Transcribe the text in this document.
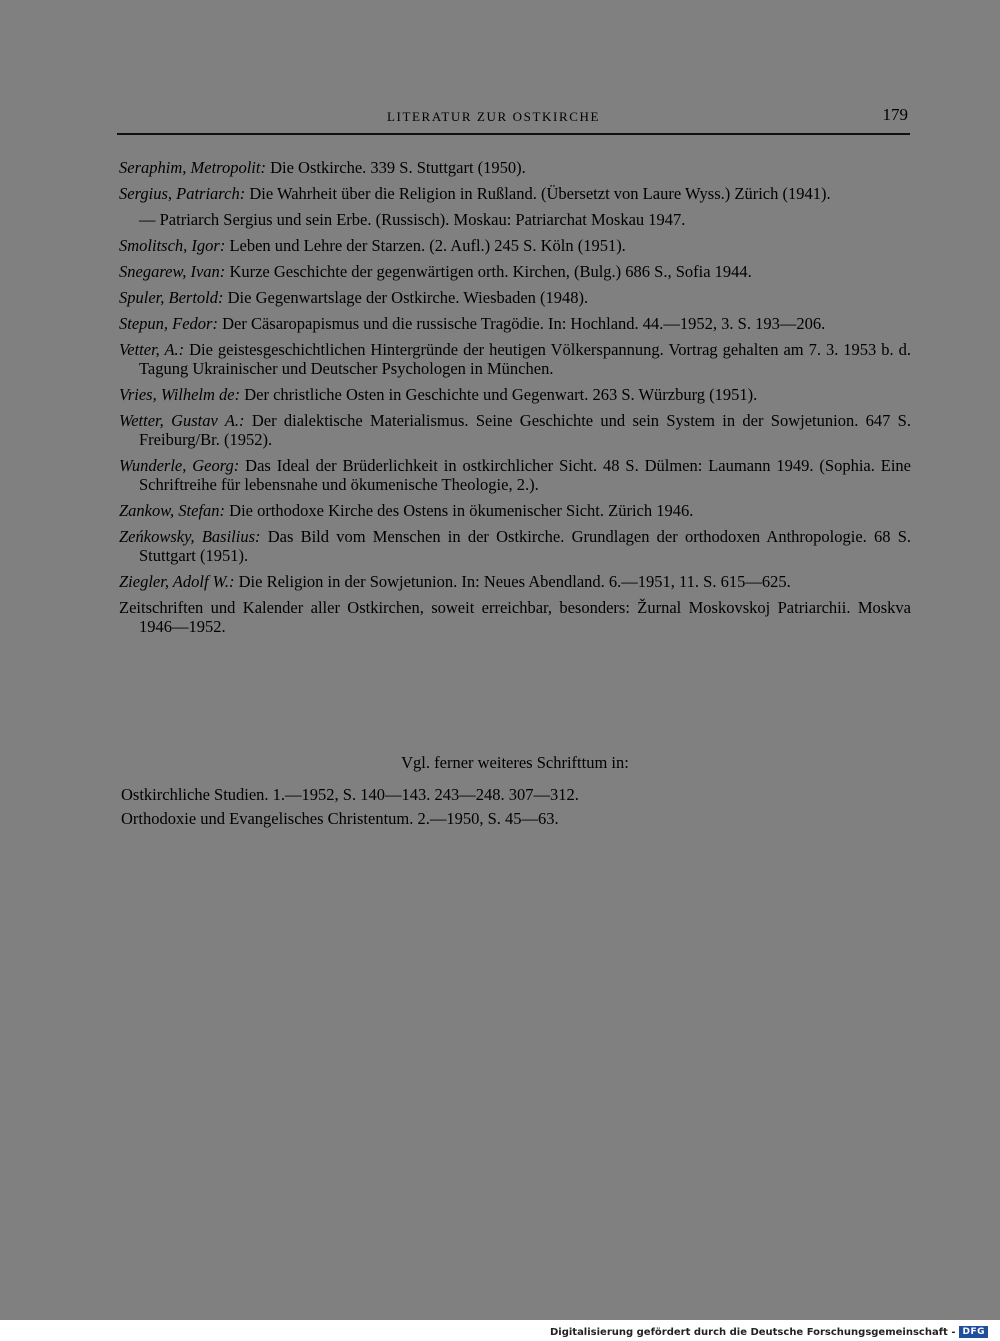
LITERATUR ZUR OSTKIRCHE	179

Seraphim, Metropolit: Die Ostkirche. 339 S. Stuttgart (1950).

Sergius, Patriarch: Die Wahrheit über die Religion in Rußland. (Übersetzt von Laure Wyss.) Zürich (1941).

— Patriarch Sergius und sein Erbe. (Russisch). Moskau: Patriarchat Moskau 1947.

Smolitsch, Igor: Leben und Lehre der Starzen. (2. Aufl.) 245 S. Köln (1951).

Snegarew, Ivan: Kurze Geschichte der gegenwärtigen orth. Kirchen, (Bulg.) 686 S., Sofia 1944.

Spuler, Bertold: Die Gegenwartslage der Ostkirche. Wiesbaden (1948).

Stepun, Fedor: Der Cäsaropapismus und die russische Tragödie. In: Hochland. 44.—1952, 3. S. 193—206.

Vetter, A.: Die geistesgeschichtlichen Hintergründe der heutigen Völkerspannung. Vortrag gehalten am 7. 3. 1953 b. d. Tagung Ukrainischer und Deutscher Psychologen in München.

Vries, Wilhelm de: Der christliche Osten in Geschichte und Gegenwart. 263 S. Würzburg (1951).

Wetter, Gustav A.: Der dialektische Materialismus. Seine Geschichte und sein System in der Sowjetunion. 647 S. Freiburg/Br. (1952).

Wunderle, Georg: Das Ideal der Brüderlichkeit in ostkirchlicher Sicht. 48 S. Dülmen: Laumann 1949. (Sophia. Eine Schriftreihe für lebensnahe und ökumenische Theologie, 2.).

Zankow, Stefan: Die orthodoxe Kirche des Ostens in ökumenischer Sicht. Zürich 1946.

Zeńkowsky, Basilius: Das Bild vom Menschen in der Ostkirche. Grundlagen der orthodoxen Anthropologie. 68 S. Stuttgart (1951).

Ziegler, Adolf W.: Die Religion in der Sowjetunion. In: Neues Abendland. 6.—1951, 11. S. 615—625.

Zeitschriften und Kalender aller Ostkirchen, soweit erreichbar, besonders: Žurnal Moskovskoj Patriarchii. Moskva 1946—1952.

Vgl. ferner weiteres Schrifttum in:

Ostkirchliche Studien. 1.—1952, S. 140—143. 243—248. 307—312.

Orthodoxie und Evangelisches Christentum. 2.—1950, S. 45—63.

Digitalisierung gefördert durch die Deutsche Forschungsgemeinschaft - DFG
